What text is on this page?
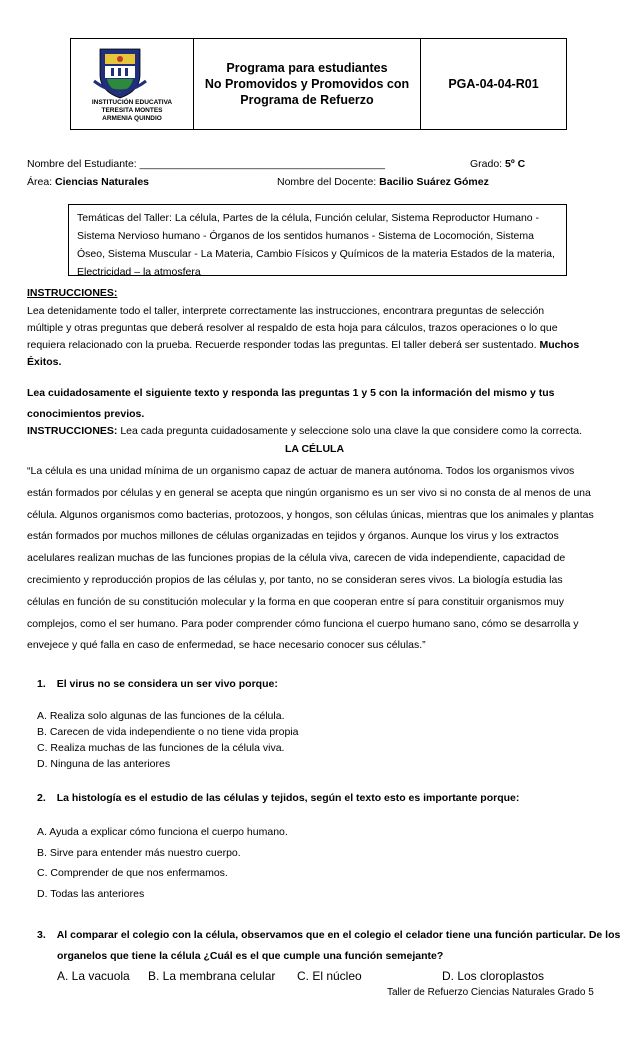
INSTITUCIÓN EDUCATIVA
TERESITA MONTES
ARMENIA QUINDIO
Programa para estudiantes
No Promovidos y Promovidos con
Programa de Refuerzo
PGA-04-04-R01
Nombre del Estudiante: __________________________________________	Grado: 5º C
Área: Ciencias Naturales	Nombre del Docente: Bacilio Suárez Gómez
Temáticas del Taller: La célula, Partes de la célula, Función celular, Sistema Reproductor Humano -
Sistema Nervioso humano - Órganos de los sentidos humanos - Sistema de Locomoción, Sistema
Óseo, Sistema Muscular - La Materia, Cambio Físicos y Químicos de la materia Estados de la materia,
Electricidad – la atmosfera
INSTRUCCIONES:
Lea detenidamente todo el taller, interprete correctamente las instrucciones, encontrara preguntas de selección
múltiple y otras preguntas que deberá resolver al respaldo de esta hoja para cálculos, trazos operaciones o lo que
requiera relacionado con la prueba. Recuerde responder todas las preguntas. El taller deberá ser sustentado. Muchos
Éxitos.
Lea cuidadosamente el siguiente texto y responda las preguntas 1 y 5 con la información del mismo y tus
conocimientos previos.
INSTRUCCIONES: Lea cada pregunta cuidadosamente y seleccione solo una clave la que considere como la correcta.
LA CÉLULA
“La célula es una unidad mínima de un organismo capaz de actuar de manera autónoma. Todos los organismos vivos
están formados por células y en general se acepta que ningún organismo es un ser vivo si no consta de al menos de una
célula. Algunos organismos como bacterias, protozoos, y hongos, son células únicas, mientras que los animales y plantas
están formados por muchos millones de células organizadas en tejidos y órganos. Aunque los virus y los extractos
acelulares realizan muchas de las funciones propias de la célula viva, carecen de vida independiente, capacidad de
crecimiento y reproducción propios de las células y, por tanto, no se consideran seres vivos. La biología estudia las
células en función de su constitución molecular y la forma en que cooperan entre sí para constituir organismos muy
complejos, como el ser humano. Para poder comprender cómo funciona el cuerpo humano sano, cómo se desarrolla y
envejece y qué falla en caso de enfermedad, se hace necesario conocer sus células.”
1. El virus no se considera un ser vivo porque:
A. Realiza solo algunas de las funciones de la célula.
B. Carecen de vida independiente o no tiene vida propia
C. Realiza muchas de las funciones de la célula viva.
D. Ninguna de las anteriores
2. La histología es el estudio de las células y tejidos, según el texto esto es importante porque:
A. Ayuda a explicar cómo funciona el cuerpo humano.
B. Sirve para entender más nuestro cuerpo.
C. Comprender de que nos enfermamos.
D. Todas las anteriores
3. Al comparar el colegio con la célula, observamos que en el colegio el celador tiene una función particular. De los
organelos que tiene la célula ¿Cuál es el que cumple una función semejante?
A. La vacuola B. La membrana celular C. El núcleo	D. Los cloroplastos
Taller de Refuerzo Ciencias Naturales Grado 5
